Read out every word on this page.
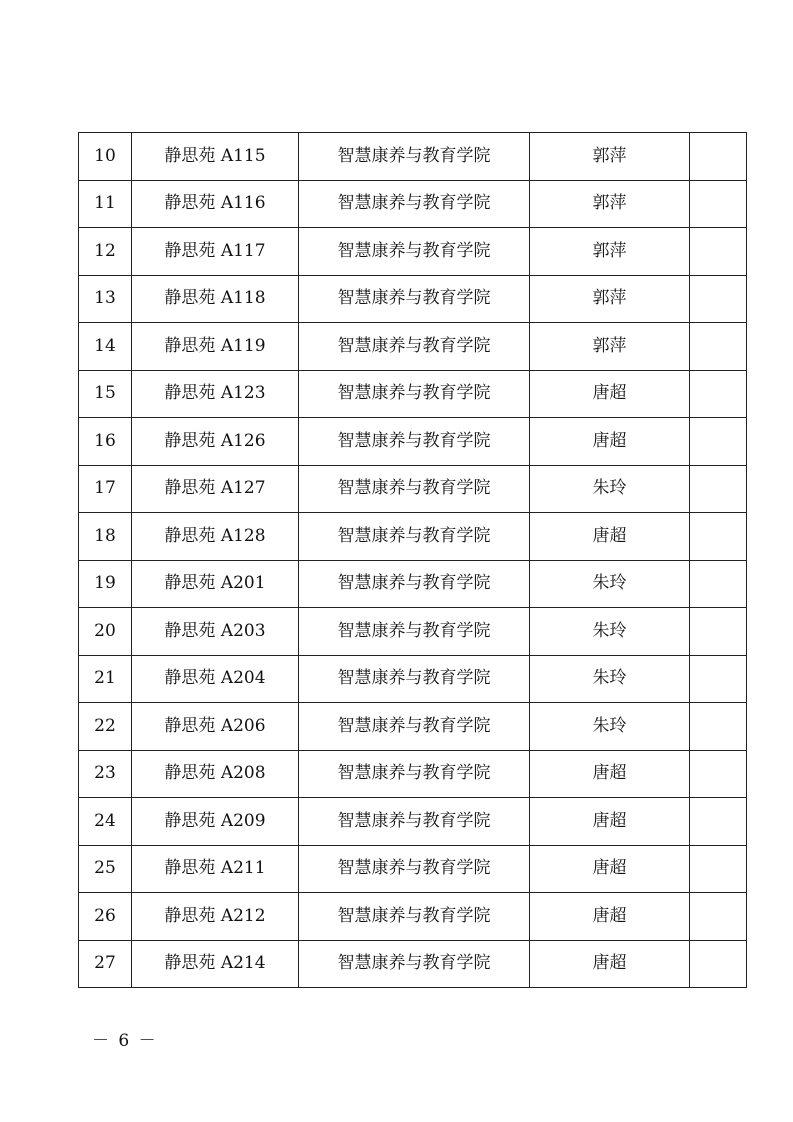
10	静思苑 A115	智慧康养与教育学院	郭萍	
11	静思苑 A116	智慧康养与教育学院	郭萍	
12	静思苑 A117	智慧康养与教育学院	郭萍	
13	静思苑 A118	智慧康养与教育学院	郭萍	
14	静思苑 A119	智慧康养与教育学院	郭萍	
15	静思苑 A123	智慧康养与教育学院	唐超	
16	静思苑 A126	智慧康养与教育学院	唐超	
17	静思苑 A127	智慧康养与教育学院	朱玲	
18	静思苑 A128	智慧康养与教育学院	唐超	
19	静思苑 A201	智慧康养与教育学院	朱玲	
20	静思苑 A203	智慧康养与教育学院	朱玲	
21	静思苑 A204	智慧康养与教育学院	朱玲	
22	静思苑 A206	智慧康养与教育学院	朱玲	
23	静思苑 A208	智慧康养与教育学院	唐超	
24	静思苑 A209	智慧康养与教育学院	唐超	
25	静思苑 A211	智慧康养与教育学院	唐超	
26	静思苑 A212	智慧康养与教育学院	唐超	
27	静思苑 A214	智慧康养与教育学院	唐超	
－ 6 －
